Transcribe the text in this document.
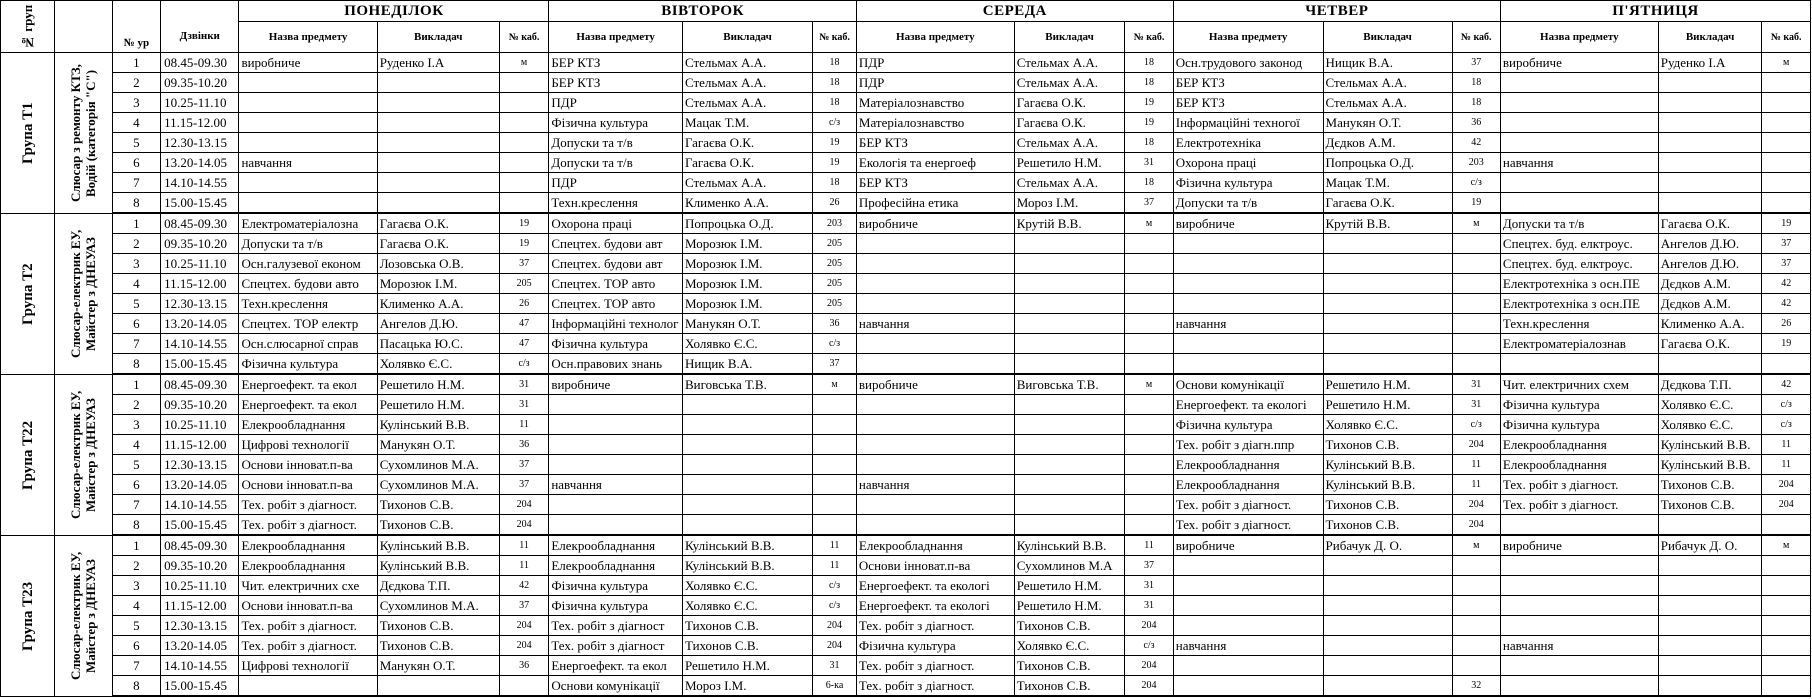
№ груп				ПОНЕДІЛОК			ВІВТОРОК			СЕРЕДА			ЧЕТВЕР			П'ЯТНИЦЯ		
		№ ур	Дзвінки	Назва предмету	Викладач	№ каб.	Назва предмету	Викладач	№ каб.	Назва предмету	Викладач	№ каб.	Назва предмету	Викладач	№ каб.	Назва предмету	Викладач	№ каб.

Група Т1	Слюсар з ремонту КТЗ, Водій (категорія "С")	1	08.45-09.30	виробниче	Руденко І.А	м	БЕР КТЗ	Стельмах А.А.	18	ПДР	Стельмах А.А.	18	Осн.трудового законод	Нищик В.А.	37	виробниче	Руденко І.А	м
		2	09.35-10.20				БЕР КТЗ	Стельмах А.А.	18	ПДР	Стельмах А.А.	18	БЕР КТЗ	Стельмах А.А.	18			
		3	10.25-11.10				ПДР	Стельмах А.А.	18	Матеріалознавство	Гагаєва О.К.	19	БЕР КТЗ	Стельмах А.А.	18			
		4	11.15-12.00				Фізична культура	Мацак Т.М.	с/з	Матеріалознавство	Гагаєва О.К.	19	Інформаційні техногої	Манукян О.Т.	36			
		5	12.30-13.15				Допуски та т/в	Гагаєва О.К.	19	БЕР КТЗ	Стельмах А.А.	18	Електротехніка	Дєдков А.М.	42			
		6	13.20-14.05	навчання			Допуски та т/в	Гагаєва О.К.	19	Екологія та енергоеф	Решетило Н.М.	31	Охорона праці	Попроцька О.Д.	203	навчання		
		7	14.10-14.55				ПДР	Стельмах А.А.	18	БЕР КТЗ	Стельмах А.А.	18	Фізична культура	Мацак Т.М.	с/з			
		8	15.00-15.45				Техн.креслення	Клименко А.А.	26	Професійна етика	Мороз І.М.	37	Допуски та т/в	Гагаєва О.К.	19			

Група Т2	Слюсар-електрик ЕУ, Майстер з ДНЕУАЗ	1	08.45-09.30	Електроматеріалозна	Гагаєва О.К.	19	Охорона праці	Попроцька О.Д.	203	виробниче	Крутій В.В.	м	виробниче	Крутій В.В.	м	Допуски та т/в	Гагаєва О.К.	19
		2	09.35-10.20	Допуски та т/в	Гагаєва О.К.	19	Спецтех. будови авт	Морозюк І.М.	205							Спецтех. буд. елктроус.	Ангелов Д.Ю.	37
		3	10.25-11.10	Осн.галузевої економ	Лозовська О.В.	37	Спецтех. будови авт	Морозюк І.М.	205							Спецтех. буд. елктроус.	Ангелов Д.Ю.	37
		4	11.15-12.00	Спецтех. будови авто	Морозюк І.М.	205	Спецтех. ТОР авто	Морозюк І.М.	205							Електротехніка з осн.ПЕ	Дєдков А.М.	42
		5	12.30-13.15	Техн.креслення	Клименко А.А.	26	Спецтех. ТОР авто	Морозюк І.М.	205							Електротехніка з осн.ПЕ	Дєдков А.М.	42
		6	13.20-14.05	Спецтех. ТОР електр	Ангелов Д.Ю.	47	Інформаційні технолог	Манукян О.Т.	36	навчання			навчання			Техн.креслення	Клименко А.А.	26
		7	14.10-14.55	Осн.слюсарної справ	Пасацька Ю.С.	47	Фізична культура	Холявко Є.С.	с/з							Електроматеріалознав	Гагаєва О.К.	19
		8	15.00-15.45	Фізична культура	Холявко Є.С.	с/з	Осн.правових знань	Нищик В.А.	37									

Група Т22	Слюсар-електрик ЕУ, Майстер з ДНЕУАЗ	1	08.45-09.30	Енергоефект. та екол	Решетило Н.М.	31	виробниче	Виговська Т.В.	м	виробниче	Виговська Т.В.	м	Основи комунікації	Решетило Н.М.	31	Чит. електричних схем	Дєдкова Т.П.	42
		2	09.35-10.20	Енергоефект. та екол	Решетило Н.М.	31							Енергоефект. та екологі	Решетило Н.М.	31	Фізична культура	Холявко Є.С.	с/з
		3	10.25-11.10	Елекрообладнання	Кулінський В.В.	11							Фізична культура	Холявко Є.С.	с/з	Фізична культура	Холявко Є.С.	с/з
		4	11.15-12.00	Цифрові технології	Манукян О.Т.	36							Тех. робіт з діагн.ппр	Тихонов С.В.	204	Елекрообладнання	Кулінський В.В.	11
		5	12.30-13.15	Основи інноват.п-ва	Сухомлинов М.А.	37							Елекрообладнання	Кулінський В.В.	11	Елекрообладнання	Кулінський В.В.	11
		6	13.20-14.05	Основи інноват.п-ва	Сухомлинов М.А.	37	навчання			навчання			Елекрообладнання	Кулінський В.В.	11	Тех. робіт з діагност.	Тихонов С.В.	204
		7	14.10-14.55	Тех. робіт з діагност.	Тихонов С.В.	204							Тех. робіт з діагност.	Тихонов С.В.	204	Тех. робіт з діагност.	Тихонов С.В.	204
		8	15.00-15.45	Тех. робіт з діагност.	Тихонов С.В.	204							Тех. робіт з діагност.	Тихонов С.В.	204			

Група Т23	Слюсар-електрик ЕУ, Майстер з ДНЕУАЗ	1	08.45-09.30	Елекрообладнання	Кулінський В.В.	11	Елекрообладнання	Кулінський В.В.	11	Елекрообладнання	Кулінський В.В.	11	виробниче	Рибачук Д. О.	м	виробниче	Рибачук Д. О.	м
		2	09.35-10.20	Елекрообладнання	Кулінський В.В.	11	Елекрообладнання	Кулінський В.В.	11	Основи інноват.п-ва	Сухомлинов М.А	37						
		3	10.25-11.10	Чит. електричних схе	Дєдкова Т.П.	42	Фізична культура	Холявко Є.С.	с/з	Енергоефект. та екологі	Решетило Н.М.	31						
		4	11.15-12.00	Основи інноват.п-ва	Сухомлинов М.А.	37	Фізична культура	Холявко Є.С.	с/з	Енергоефект. та екологі	Решетило Н.М.	31						
		5	12.30-13.15	Тех. робіт з діагност.	Тихонов С.В.	204	Тех. робіт з діагност	Тихонов С.В.	204	Тех. робіт з діагност.	Тихонов С.В.	204						
		6	13.20-14.05	Тех. робіт з діагност.	Тихонов С.В.	204	Тех. робіт з діагност	Тихонов С.В.	204	Фізична культура	Холявко Є.С.	с/з	навчання			навчання		
		7	14.10-14.55	Цифрові технології	Манукян О.Т.	36	Енергоефект. та екол	Решетило Н.М.	31	Тех. робіт з діагност.	Тихонов С.В.	204						
		8	15.00-15.45				Основи комунікації	Мороз І.М.	6-ка	Тех. робіт з діагност.	Тихонов С.В.	204			32			
